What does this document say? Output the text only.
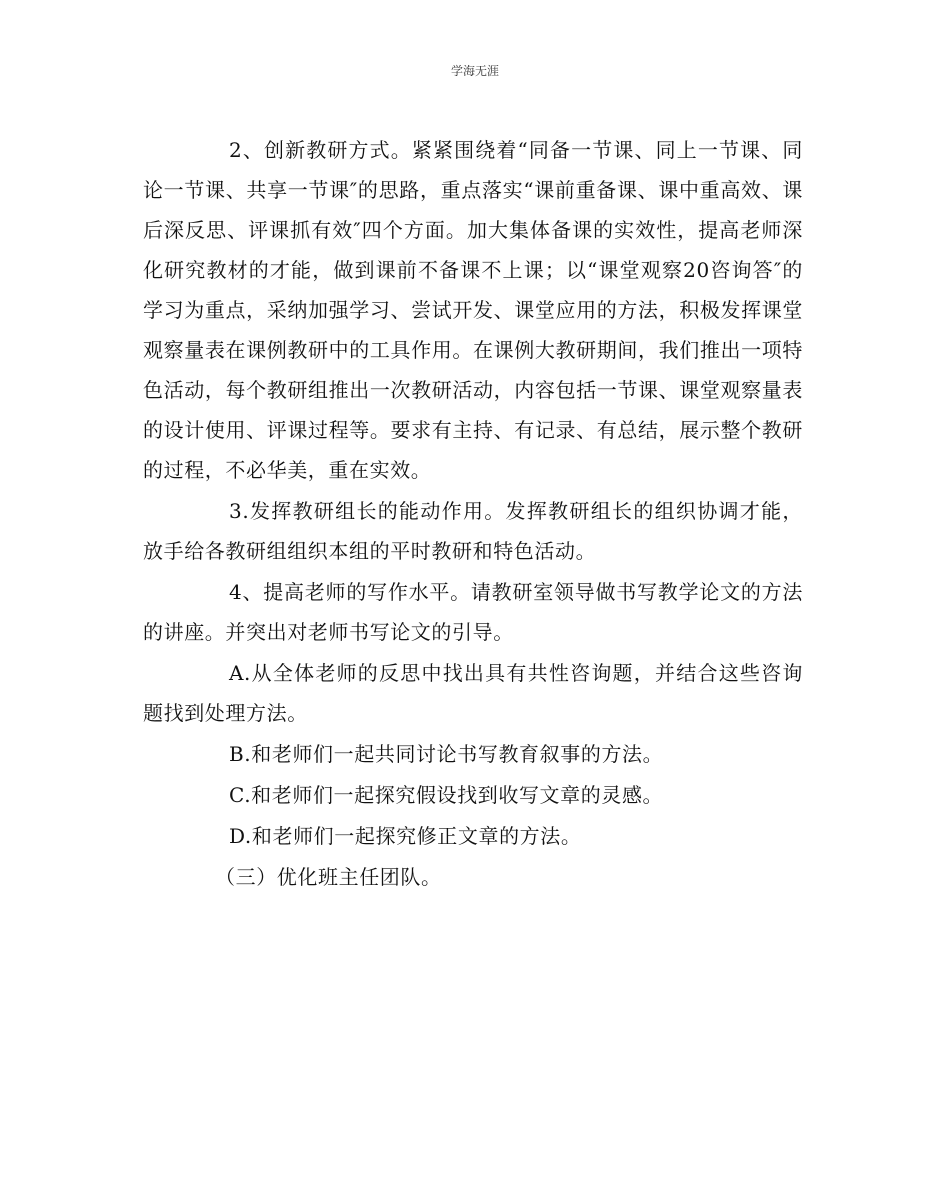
学海无涯

2、创新教研方式。紧紧围绕着“同备一节课、同上一节课、同论一节课、共享一节课″的思路，重点落实“课前重备课、课中重高效、课后深反思、评课抓有效″四个方面。加大集体备课的实效性，提高老师深化研究教材的才能，做到课前不备课不上课；以“课堂观察20咨询答″的学习为重点，采纳加强学习、尝试开发、课堂应用的方法，积极发挥课堂观察量表在课例教研中的工具作用。在课例大教研期间，我们推出一项特色活动，每个教研组推出一次教研活动，内容包括一节课、课堂观察量表的设计使用、评课过程等。要求有主持、有记录、有总结，展示整个教研的过程，不必华美，重在实效。

3.发挥教研组长的能动作用。发挥教研组长的组织协调才能，放手给各教研组组织本组的平时教研和特色活动。

4、提高老师的写作水平。请教研室领导做书写教学论文的方法的讲座。并突出对老师书写论文的引导。

A.从全体老师的反思中找出具有共性咨询题，并结合这些咨询题找到处理方法。

B.和老师们一起共同讨论书写教育叙事的方法。

C.和老师们一起探究假设找到收写文章的灵感。

D.和老师们一起探究修正文章的方法。

（三）优化班主任团队。
